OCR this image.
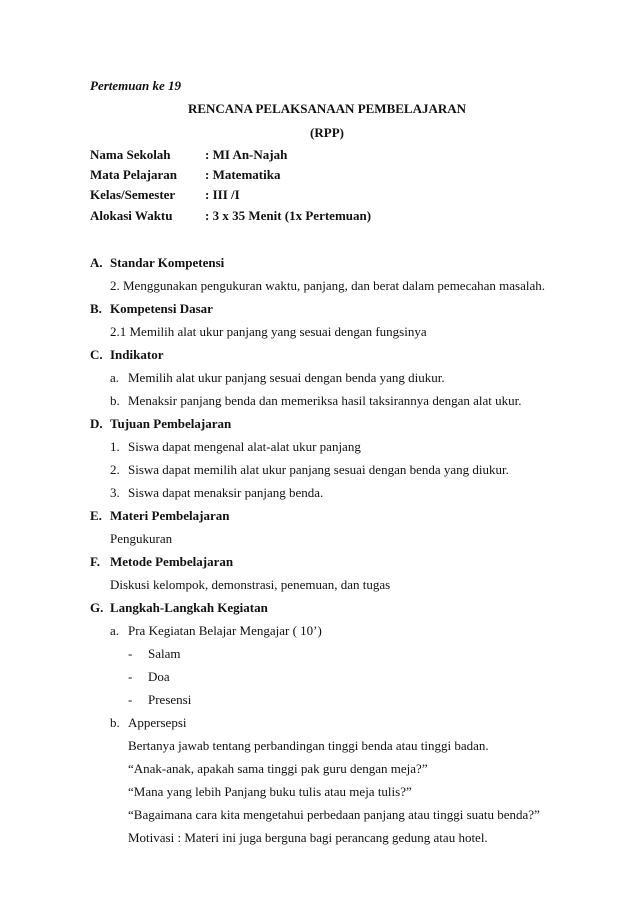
Pertemuan ke 19
RENCANA PELAKSANAAN PEMBELAJARAN
(RPP)
Nama Sekolah	: MI An-Najah
Mata Pelajaran : Matematika
Kelas/Semester : III /I
Alokasi Waktu	: 3 x 35 Menit (1x Pertemuan)
A. Standar Kompetensi
2. Menggunakan pengukuran waktu, panjang, dan berat dalam pemecahan masalah.
B. Kompetensi Dasar
2.1 Memilih alat ukur panjang yang sesuai dengan fungsinya
C. Indikator
a. Memilih alat ukur panjang sesuai dengan benda yang diukur.
b. Menaksir panjang benda dan memeriksa hasil taksirannya dengan alat ukur.
D. Tujuan Pembelajaran
1. Siswa dapat mengenal alat-alat ukur panjang
2. Siswa dapat memilih alat ukur panjang sesuai dengan benda yang diukur.
3. Siswa dapat menaksir panjang benda.
E. Materi Pembelajaran
Pengukuran
F. Metode Pembelajaran
Diskusi kelompok, demonstrasi, penemuan, dan tugas
G. Langkah-Langkah Kegiatan
a. Pra Kegiatan Belajar Mengajar ( 10’)
- Salam
- Doa
- Presensi
b. Appersepsi
Bertanya jawab tentang perbandingan tinggi benda atau tinggi badan.
“Anak-anak, apakah sama tinggi pak guru dengan meja?”
“Mana yang lebih Panjang buku tulis atau meja tulis?”
“Bagaimana cara kita mengetahui perbedaan panjang atau tinggi suatu benda?”
Motivasi : Materi ini juga berguna bagi perancang gedung atau hotel.
